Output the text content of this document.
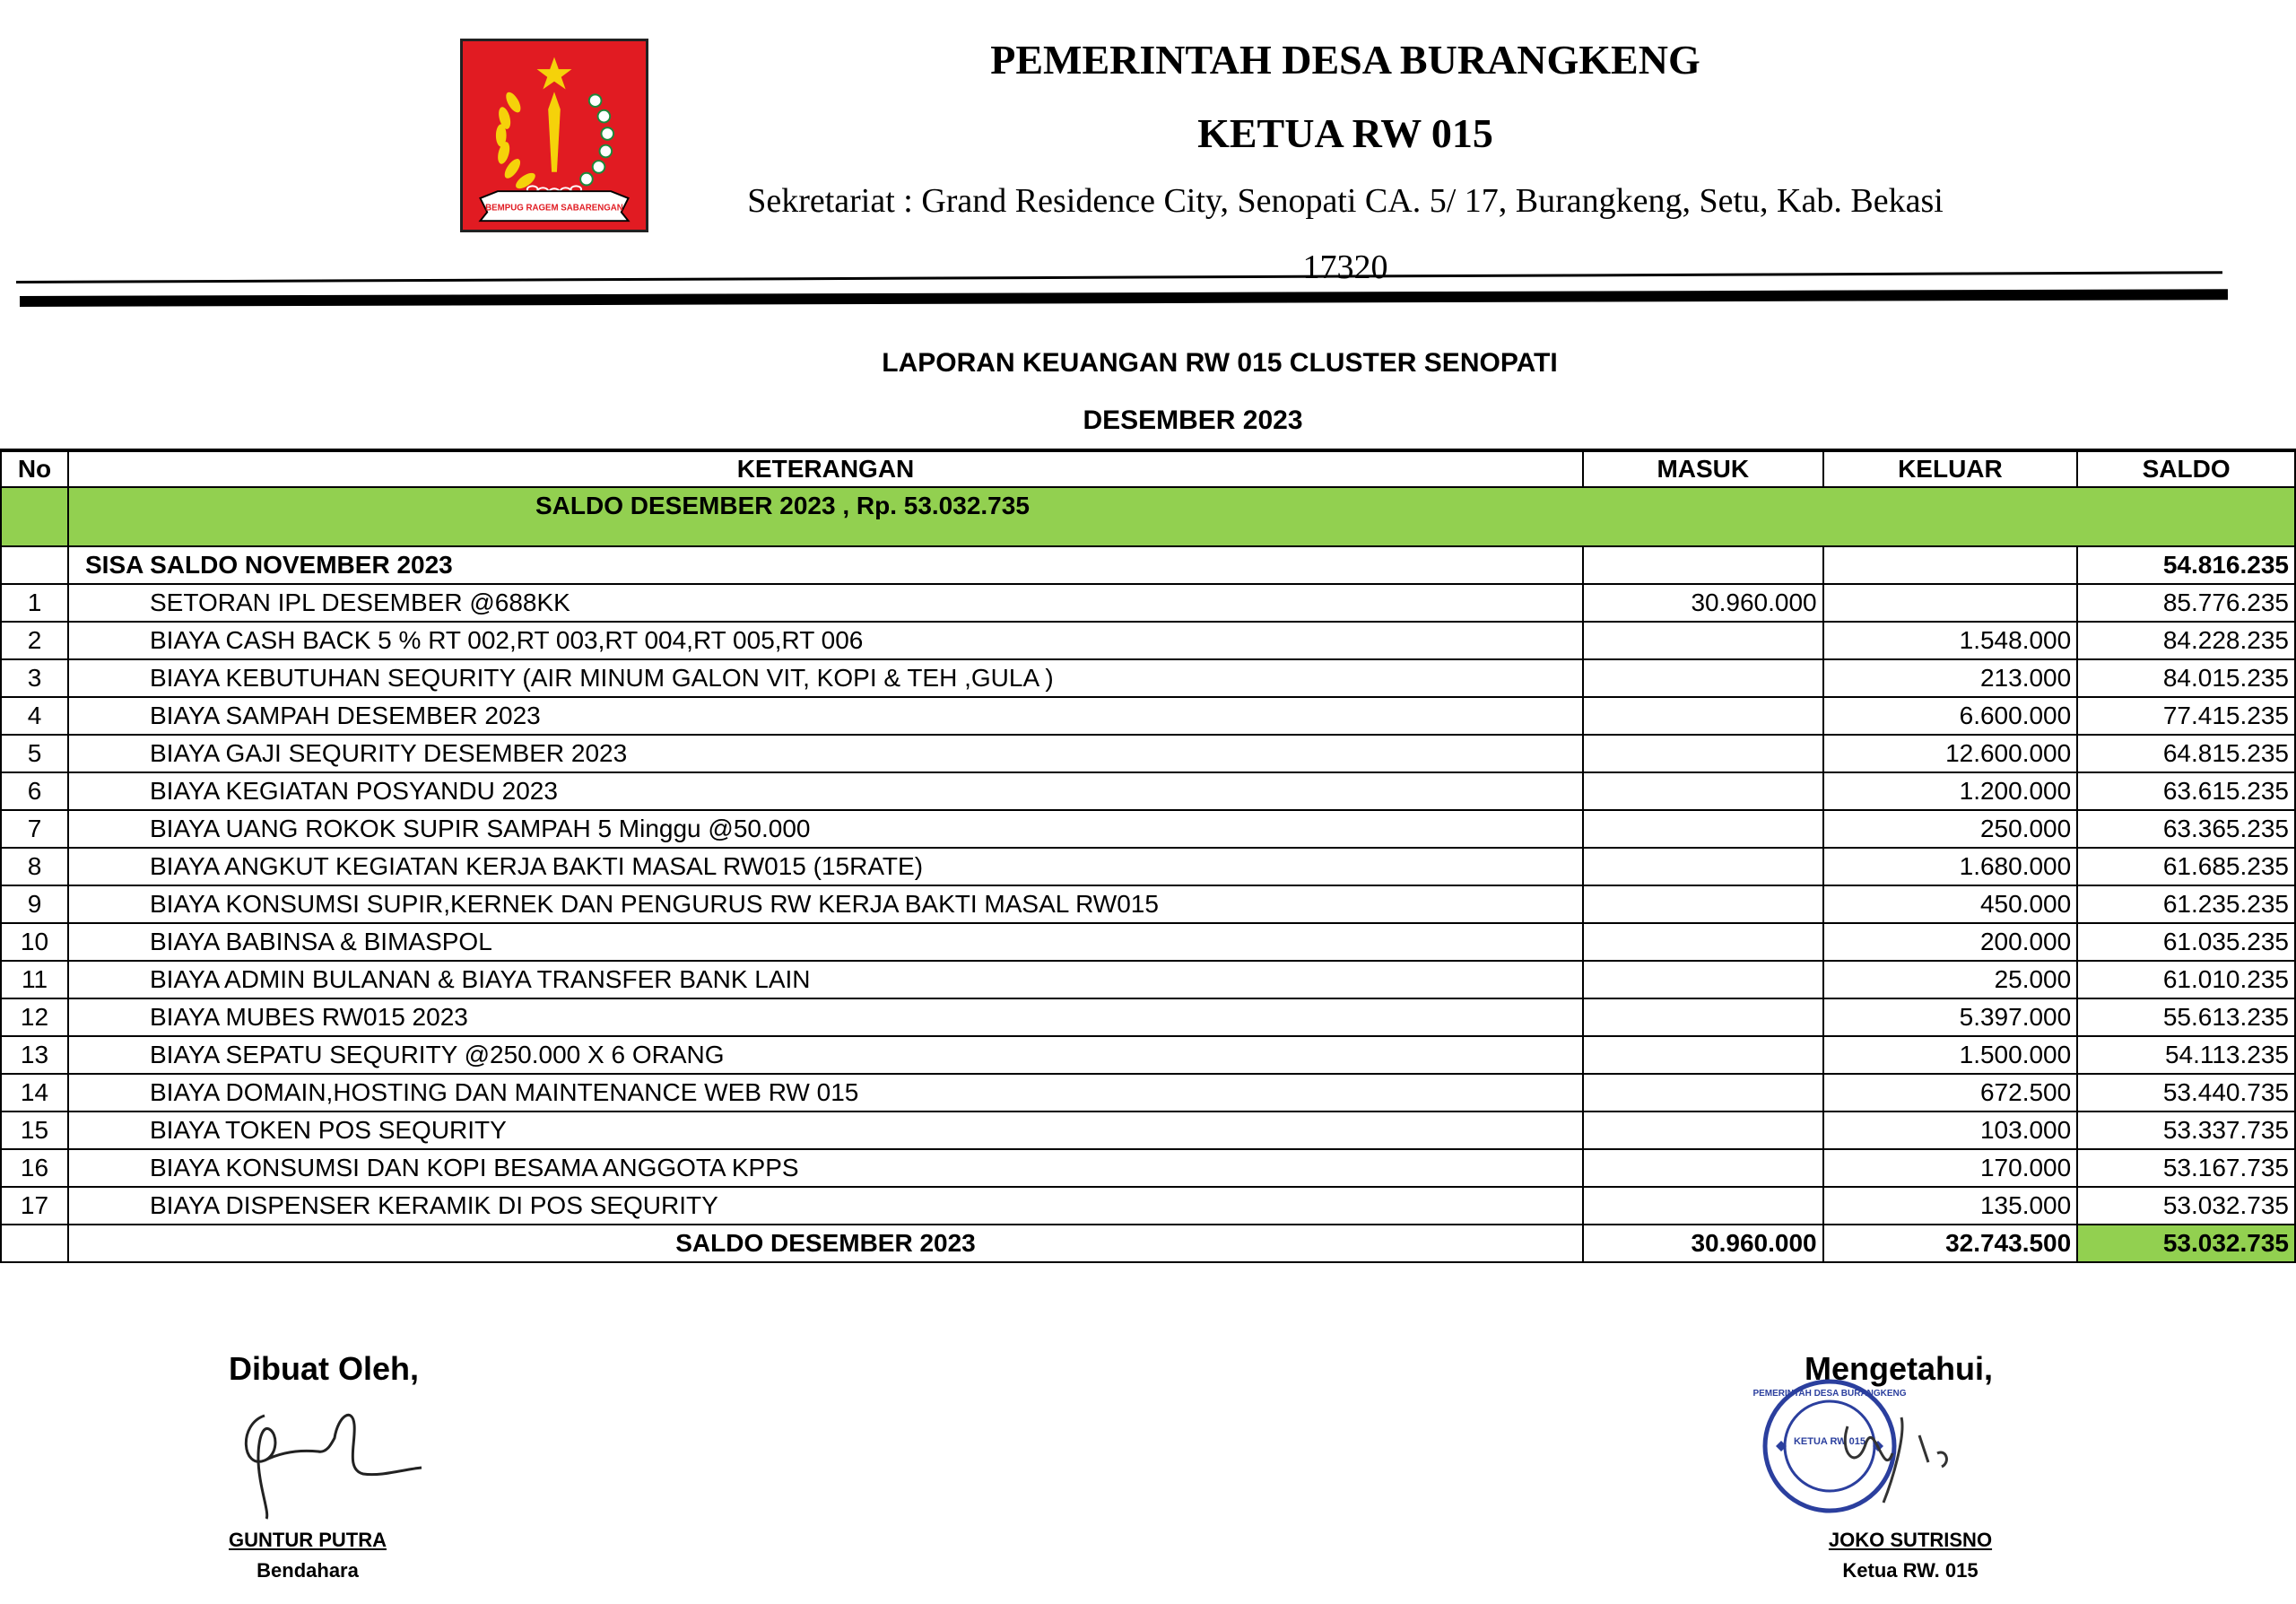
BEMPUG RAGEM SABARENGAN
PEMERINTAH DESA BURANGKENG
KETUA RW 015
Sekretariat : Grand Residence City, Senopati CA. 5/ 17, Burangkeng, Setu, Kab. Bekasi
17320
LAPORAN KEUANGAN RW 015 CLUSTER SENOPATI
DESEMBER 2023
No	KETERANGAN	MASUK	KELUAR	SALDO
	SALDO DESEMBER 2023 , Rp. 53.032.735			
	SISA SALDO NOVEMBER 2023			54.816.235
1	SETORAN IPL DESEMBER @688KK	30.960.000		85.776.235
2	BIAYA CASH BACK 5 % RT 002,RT 003,RT 004,RT 005,RT 006		1.548.000	84.228.235
3	BIAYA KEBUTUHAN SEQURITY (AIR MINUM GALON VIT, KOPI & TEH ,GULA )		213.000	84.015.235
4	BIAYA SAMPAH DESEMBER 2023		6.600.000	77.415.235
5	BIAYA GAJI SEQURITY DESEMBER 2023		12.600.000	64.815.235
6	BIAYA KEGIATAN POSYANDU 2023		1.200.000	63.615.235
7	BIAYA UANG ROKOK SUPIR SAMPAH 5 Minggu @50.000		250.000	63.365.235
8	BIAYA ANGKUT KEGIATAN KERJA BAKTI MASAL RW015 (15RATE)		1.680.000	61.685.235
9	BIAYA KONSUMSI SUPIR,KERNEK DAN PENGURUS RW KERJA BAKTI MASAL RW015		450.000	61.235.235
10	BIAYA BABINSA & BIMASPOL		200.000	61.035.235
11	BIAYA ADMIN BULANAN & BIAYA TRANSFER BANK LAIN		25.000	61.010.235
12	BIAYA MUBES RW015 2023		5.397.000	55.613.235
13	BIAYA SEPATU SEQURITY @250.000 X 6 ORANG		1.500.000	54.113.235
14	BIAYA DOMAIN,HOSTING DAN MAINTENANCE WEB RW 015		672.500	53.440.735
15	BIAYA TOKEN POS SEQURITY		103.000	53.337.735
16	BIAYA KONSUMSI DAN KOPI BESAMA ANGGOTA KPPS		170.000	53.167.735
17	BIAYA DISPENSER KERAMIK DI POS SEQURITY		135.000	53.032.735
	SALDO DESEMBER 2023	30.960.000	32.743.500	53.032.735
Dibuat Oleh,
GUNTUR PUTRA
Bendahara
Mengetahui,
KETUA RW 015
PEMERINTAH DESA BURANGKENG
JOKO SUTRISNO
Ketua RW. 015
